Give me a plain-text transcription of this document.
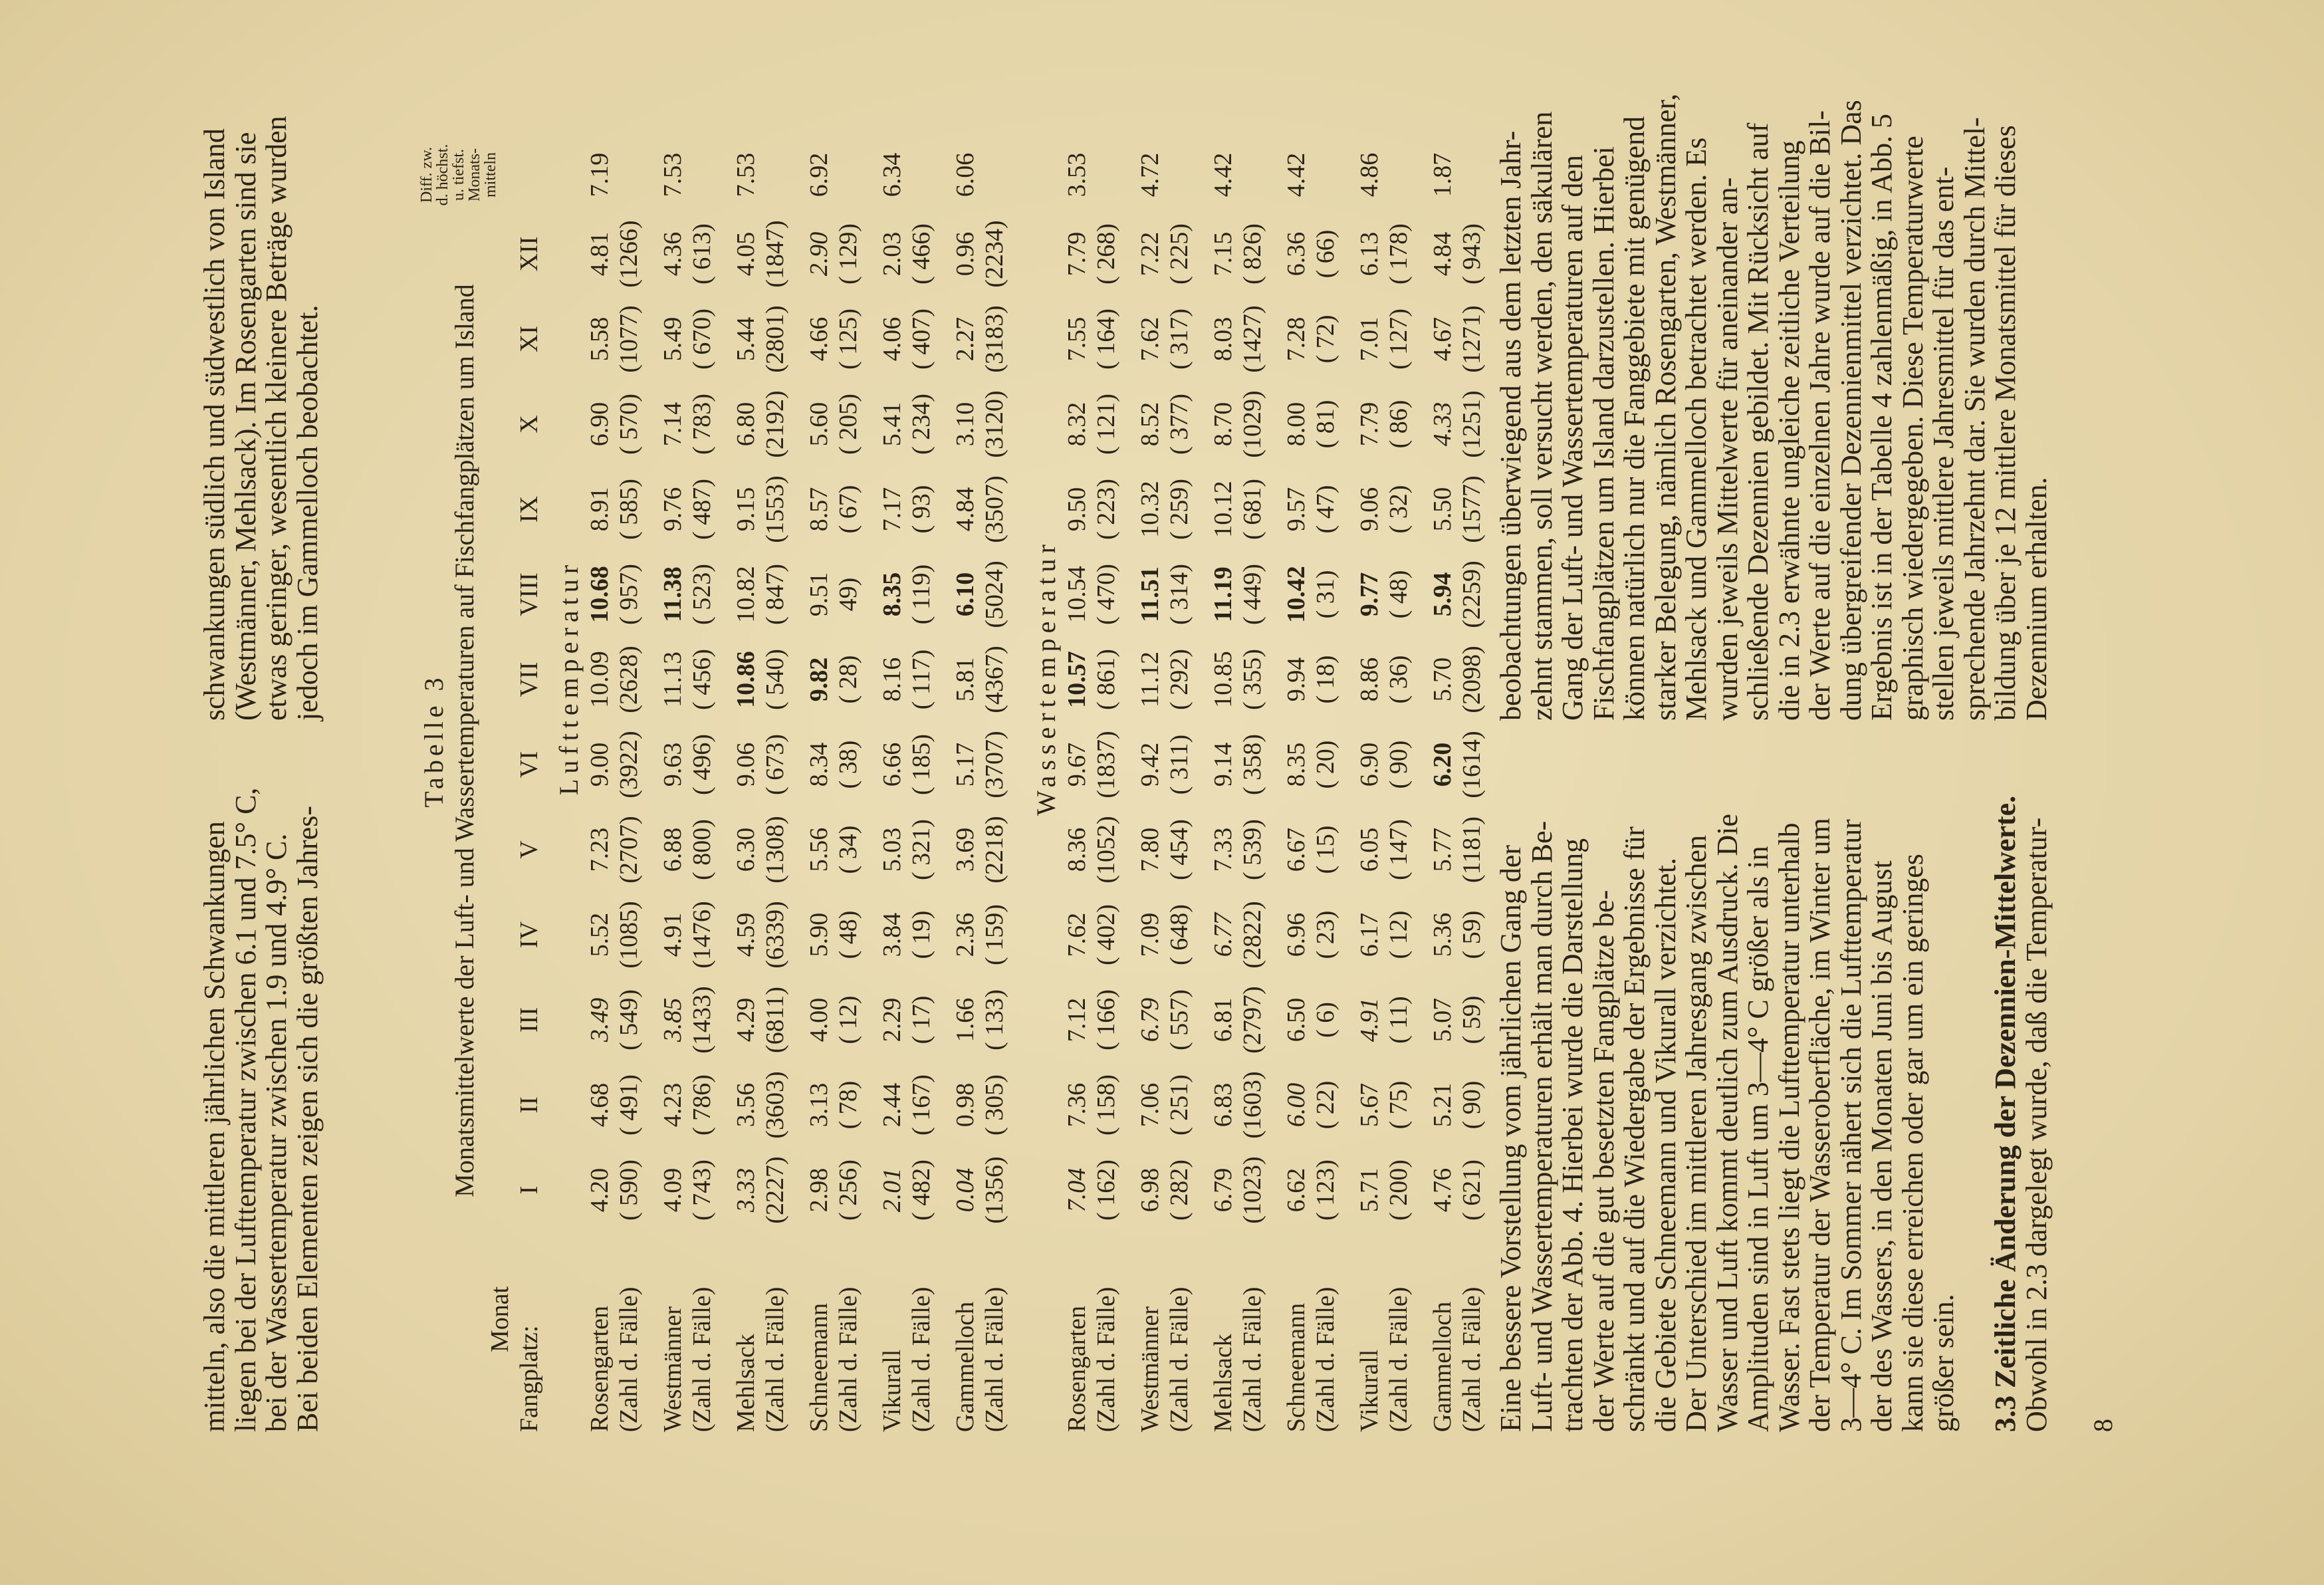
mitteln, also die mittleren jährlichen Schwankungen
liegen bei der Lufttemperatur zwischen 6.1 und 7.5° C,
bei der Wassertemperatur zwischen 1.9 und 4.9° C.
Bei beiden Elementen zeigen sich die größten Jahres-
schwankungen südlich und südwestlich von Island
(Westmänner, Mehlsack). Im Rosengarten sind sie
etwas geringer, wesentlich kleinere Beträge wurden
jedoch im Gammelloch beobachtet.
Tabelle 3 Monatsmittelwerte der Luft- und Wassertemperaturen auf Fischfangplätzen um Island
Monat
Diff. zw.
d. höchst.
u. tiefst.
Monats-
mitteln
Fangplatz:
I
II
III
IV
V
VI
VII
VIII
IX
X
XI
XII
Lufttemperatur
Rosengarten
4.20
4.68
3.49
5.52
7.23
9.00
10.09
10.68
8.91
6.90
5.58
4.81
7.19
(Zahl d. Fälle)
( 590)
( 491)
( 549)
(1085)
(2707)
(3922)
(2628)
( 957)
( 585)
( 570)
(1077)
(1266)
Westmänner
4.09
4.23
3.85
4.91
6.88
9.63
11.13
11.38
9.76
7.14
5.49
4.36
7.53
(Zahl d. Fälle)
( 743)
( 786)
(1433)
(1476)
( 800)
( 496)
( 456)
( 523)
( 487)
( 783)
( 670)
( 613)
Mehlsack
3.33
3.56
4.29
4.59
6.30
9.06
10.86
10.82
9.15
6.80
5.44
4.05
7.53
(Zahl d. Fälle)
(2227)
(3603)
(6811)
(6339)
(1308)
( 673)
( 540)
( 847)
(1553)
(2192)
(2801)
(1847)
Schneemann
2.98
3.13
4.00
5.90
5.56
8.34
9.82
9.51
8.57
5.60
4.66
2.90
6.92
(Zahl d. Fälle)
( 256)
( 78)
( 12)
( 48)
( 34)
( 38)
( 28)
49)
( 67)
( 205)
( 125)
( 129)
Vikurall
2.01
2.44
2.29
3.84
5.03
6.66
8.16
8.35
7.17
5.41
4.06
2.03
6.34
(Zahl d. Fälle)
( 482)
( 167)
( 17)
( 19)
( 321)
( 185)
( 117)
( 119)
( 93)
( 234)
( 407)
( 466)
Gammelloch
0.04
0.98
1.66
2.36
3.69
5.17
5.81
6.10
4.84
3.10
2.27
0.96
6.06
(Zahl d. Fälle)
(1356)
( 305)
( 133)
( 159)
(2218)
(3707)
(4367)
(5024)
(3507)
(3120)
(3183)
(2234)
Wassertemperatur
Rosengarten
7.04
7.36
7.12
7.62
8.36
9.67
10.57
10.54
9.50
8.32
7.55
7.79
3.53
(Zahl d. Fälle)
( 162)
( 158)
( 166)
( 402)
(1052)
(1837)
( 861)
( 470)
( 223)
( 121)
( 164)
( 268)
Westmänner
6.98
7.06
6.79
7.09
7.80
9.42
11.12
11.51
10.32
8.52
7.62
7.22
4.72
(Zahl d. Fälle)
( 282)
( 251)
( 557)
( 648)
( 454)
( 311)
( 292)
( 314)
( 259)
( 377)
( 317)
( 225)
Mehlsack
6.79
6.83
6.81
6.77
7.33
9.14
10.85
11.19
10.12
8.70
8.03
7.15
4.42
(Zahl d. Fälle)
(1023)
(1603)
(2797)
(2822)
( 539)
( 358)
( 355)
( 449)
( 681)
(1029)
(1427)
( 826)
Schneemann
6.62
6.00
6.50
6.96
6.67
8.35
9.94
10.42
9.57
8.00
7.28
6.36
4.42
(Zahl d. Fälle)
( 123)
( 22)
( 6)
( 23)
( 15)
( 20)
( 18)
( 31)
( 47)
( 81)
( 72)
( 66)
Vikurall
5.71
5.67
4.91
6.17
6.05
6.90
8.86
9.77
9.06
7.79
7.01
6.13
4.86
(Zahl d. Fälle)
( 200)
( 75)
( 11)
( 12)
( 147)
( 90)
( 36)
( 48)
( 32)
( 86)
( 127)
( 178)
Gammelloch
4.76
5.21
5.07
5.36
5.77
6.20
5.70
5.94
5.50
4.33
4.67
4.84
1.87
(Zahl d. Fälle)
( 621)
( 90)
( 59)
( 59)
(1181)
(1614)
(2098)
(2259)
(1577)
(1251)
(1271)
( 943)
Eine bessere Vorstellung vom jährlichen Gang der
Luft- und Wassertemperaturen erhält man durch Be-
trachten der Abb. 4. Hierbei wurde die Darstellung
der Werte auf die gut besetzten Fangplätze be-
schränkt und auf die Wiedergabe der Ergebnisse für
die Gebiete Schneemann und Vikurall verzichtet.
Der Unterschied im mittleren Jahresgang zwischen
Wasser und Luft kommt deutlich zum Ausdruck. Die
Amplituden sind in Luft um 3—4° C größer als in
Wasser. Fast stets liegt die Lufttemperatur unterhalb
der Temperatur der Wasseroberfläche, im Winter um
3—4° C. Im Sommer nähert sich die Lufttemperatur
der des Wassers, in den Monaten Juni bis August
kann sie diese erreichen oder gar um ein geringes
größer sein.
3.3 Zeitliche Änderung der Dezennien-Mittelwerte.
Obwohl in 2.3 dargelegt wurde, daß die Temperatur-
beobachtungen überwiegend aus dem letzten Jahr-
zehnt stammen, soll versucht werden, den säkulären
Gang der Luft- und Wassertemperaturen auf den
Fischfangplätzen um Island darzustellen. Hierbei
können natürlich nur die Fanggebiete mit genügend
starker Belegung, nämlich Rosengarten, Westmänner,
Mehlsack und Gammelloch betrachtet werden. Es
wurden jeweils Mittelwerte für aneinander an-
schließende Dezennien gebildet. Mit Rücksicht auf
die in 2.3 erwähnte ungleiche zeitliche Verteilung
der Werte auf die einzelnen Jahre wurde auf die Bil-
dung übergreifender Dezennienmittel verzichtet. Das
Ergebnis ist in der Tabelle 4 zahlenmäßig, in Abb. 5
graphisch wiedergegeben. Diese Temperaturwerte
stellen jeweils mittlere Jahresmittel für das ent-
sprechende Jahrzehnt dar. Sie wurden durch Mittel-
bildung über je 12 mittlere Monatsmittel für dieses
Dezennium erhalten.
8
